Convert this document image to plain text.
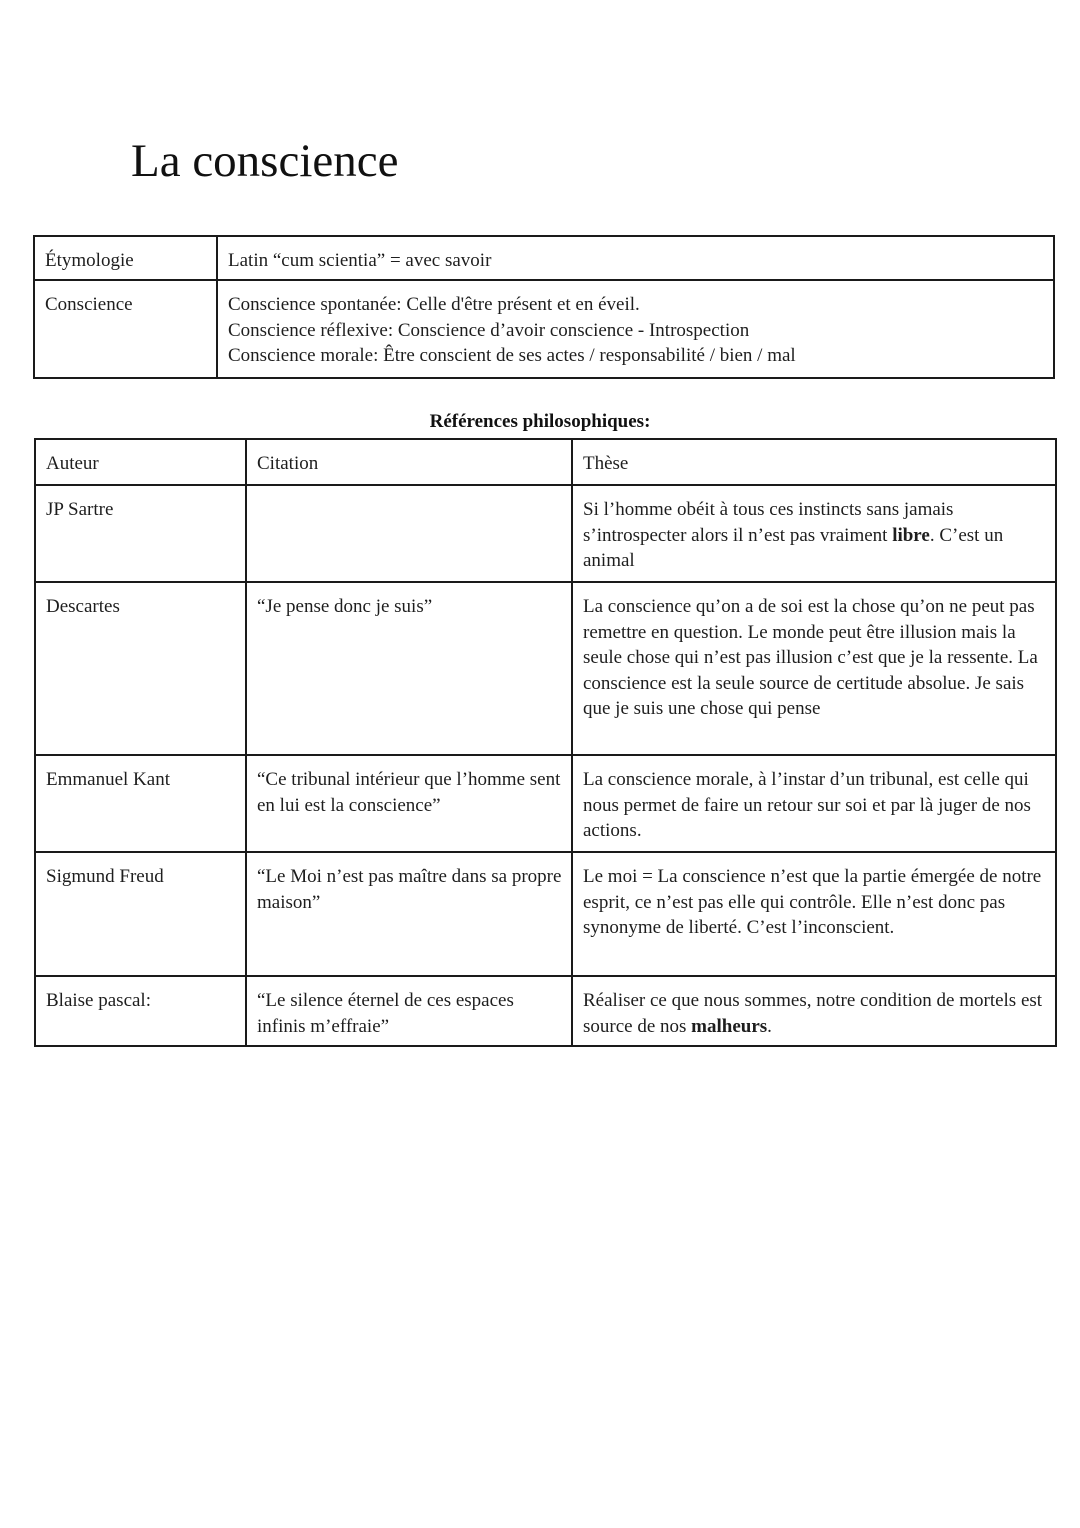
La conscience
Étymologie	Latin “cum scientia” = avec savoir

Conscience	Conscience spontanée: Celle d'être présent et en éveil.
Conscience réflexive: Conscience d’avoir conscience - Introspection
Conscience morale: Être conscient de ses actes / responsabilité / bien / mal
Références philosophiques:
Auteur	Citation	Thèse
JP Sartre		Si l’homme obéit à tous ces instincts sans jamais s’introspecter alors il n’est pas vraiment libre. C’est un animal
Descartes	“Je pense donc je suis”	La conscience qu’on a de soi est la chose qu’on ne peut pas remettre en question. Le monde peut être illusion mais la seule chose qui n’est pas illusion c’est que je la ressente. La conscience est la seule source de certitude absolue. Je sais que je suis une chose qui pense
Emmanuel Kant	“Ce tribunal intérieur que l’homme sent en lui est la conscience”	La conscience morale, à l’instar d’un tribunal, est celle qui nous permet de faire un retour sur soi et par là juger de nos actions.
Sigmund Freud	“Le Moi n’est pas maître dans sa propre maison”	Le moi = La conscience n’est que la partie émergée de notre esprit, ce n’est pas elle qui contrôle. Elle n’est donc pas synonyme de liberté. C’est l’inconscient.
Blaise pascal:	“Le silence éternel de ces espaces infinis m’effraie”	Réaliser ce que nous sommes, notre condition de mortels est source de nos malheurs.
